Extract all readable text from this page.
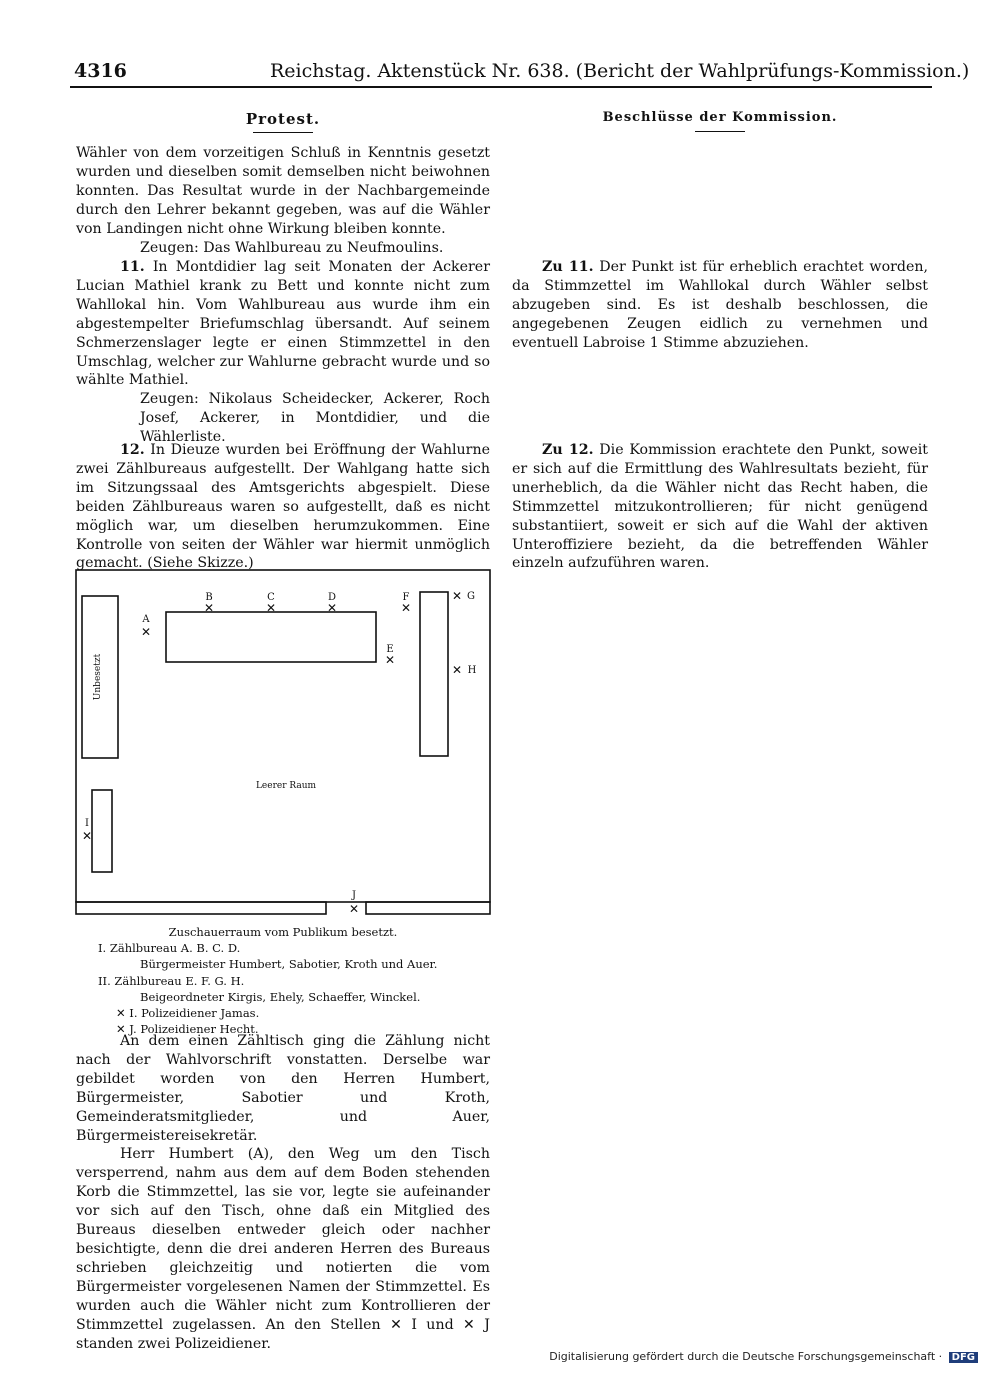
4316	Reichstag. Aktenstück Nr. 638. (Bericht der Wahlprüfungs-Kommission.)
Protest.	Beschlüsse der Kommission.

Wähler von dem vorzeitigen Schluß in Kenntnis gesetzt wurden und dieselben somit demselben nicht beiwohnen konnten. Das Resultat wurde in der Nachbargemeinde durch den Lehrer bekannt gegeben, was auf die Wähler von Landingen nicht ohne Wirkung bleiben konnte.

Zeugen: Das Wahlbureau zu Neufmoulins.

11. In Montdidier lag seit Monaten der Ackerer Lucian Mathiel krank zu Bett und konnte nicht zum Wahllokal hin. Vom Wahlbureau aus wurde ihm ein abgestempelter Briefumschlag übersandt. Auf seinem Schmerzenslager legte er einen Stimmzettel in den Umschlag, welcher zur Wahlurne gebracht wurde und so wählte Mathiel.

Zeugen: Nikolaus Scheidecker, Ackerer, Roch Josef, Ackerer, in Montdidier, und die Wählerliste.

12. In Dieuze wurden bei Eröffnung der Wahlurne zwei Zählbureaus aufgestellt. Der Wahlgang hatte sich im Sitzungssaal des Amtsgerichts abgespielt. Diese beiden Zählbureaus waren so aufgestellt, daß es nicht möglich war, um dieselben herumzukommen. Eine Kontrolle von seiten der Wähler war hiermit unmöglich gemacht. (Siehe Skizze.)

A
✕
B
✕
C
✕
D
✕
E
✕
F
✕
✕ G
✕ H
I
✕
J
✕
Leerer Raum
Unbesetzt
Zuschauerraum vom Publikum besetzt.
I. Zählbureau A. B. C. D.
Bürgermeister Humbert, Sabotier, Kroth und Auer.
II. Zählbureau E. F. G. H.
Beigeordneter Kirgis, Ehely, Schaeffer, Winckel.
✕ I. Polizeidiener Jamas.
✕ J. Polizeidiener Hecht.

An dem einen Zähltisch ging die Zählung nicht nach der Wahlvorschrift vonstatten. Derselbe war gebildet worden von den Herren Humbert, Bürgermeister, Sabotier und Kroth, Gemeinderatsmitglieder, und Auer, Bürgermeistereisekretär.

Herr Humbert (A), den Weg um den Tisch versperrend, nahm aus dem auf dem Boden stehenden Korb die Stimmzettel, las sie vor, legte sie aufeinander vor sich auf den Tisch, ohne daß ein Mitglied des Bureaus dieselben entweder gleich oder nachher besichtigte, denn die drei anderen Herren des Bureaus schrieben gleichzeitig und notierten die vom Bürgermeister vorgelesenen Namen der Stimmzettel. Es wurden auch die Wähler nicht zum Kontrollieren der Stimmzettel zugelassen. An den Stellen ✕ I und ✕ J standen zwei Polizeidiener.

Zu 11. Der Punkt ist für erheblich erachtet worden, da Stimmzettel im Wahllokal durch Wähler selbst abzugeben sind. Es ist deshalb beschlossen, die angegebenen Zeugen eidlich zu vernehmen und eventuell Labroise 1 Stimme abzuziehen.

Zu 12. Die Kommission erachtete den Punkt, soweit er sich auf die Ermittlung des Wahlresultats bezieht, für unerheblich, da die Wähler nicht das Recht haben, die Stimmzettel mitzukontrollieren; für nicht genügend substantiiert, soweit er sich auf die Wahl der aktiven Unteroffiziere bezieht, da die betreffenden Wähler einzeln aufzuführen waren.

Digitalisierung gefördert durch die Deutsche Forschungsgemeinschaft · DFG
